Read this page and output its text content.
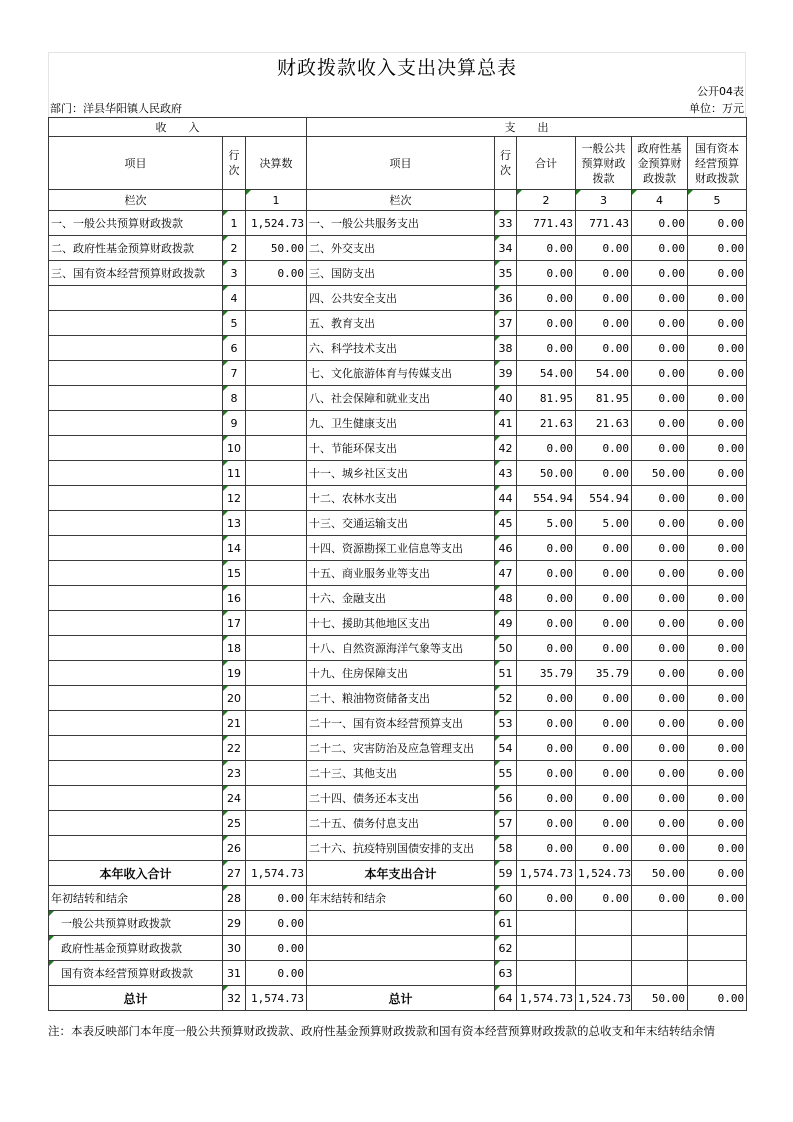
财政拨款收入支出决算总表
公开04表
部门：洋县华阳镇人民政府	单位：万元
收　　入			支　　出					
项目	行次	决算数	项目	行次	合计	一般公共预算财政拨款	政府性基金预算财政拨款	国有资本经营预算财政拨款
栏次		1	栏次		2	3	4	5
一、一般公共预算财政拨款	1	1,524.73	一、一般公共服务支出	33	771.43	771.43	0.00	0.00
二、政府性基金预算财政拨款	2	50.00	二、外交支出	34	0.00	0.00	0.00	0.00
三、国有资本经营预算财政拨款	3	0.00	三、国防支出	35	0.00	0.00	0.00	0.00
	4		四、公共安全支出	36	0.00	0.00	0.00	0.00
	5		五、教育支出	37	0.00	0.00	0.00	0.00
	6		六、科学技术支出	38	0.00	0.00	0.00	0.00
	7		七、文化旅游体育与传媒支出	39	54.00	54.00	0.00	0.00
	8		八、社会保障和就业支出	40	81.95	81.95	0.00	0.00
	9		九、卫生健康支出	41	21.63	21.63	0.00	0.00
	10		十、节能环保支出	42	0.00	0.00	0.00	0.00
	11		十一、城乡社区支出	43	50.00	0.00	50.00	0.00
	12		十二、农林水支出	44	554.94	554.94	0.00	0.00
	13		十三、交通运输支出	45	5.00	5.00	0.00	0.00
	14		十四、资源勘探工业信息等支出	46	0.00	0.00	0.00	0.00
	15		十五、商业服务业等支出	47	0.00	0.00	0.00	0.00
	16		十六、金融支出	48	0.00	0.00	0.00	0.00
	17		十七、援助其他地区支出	49	0.00	0.00	0.00	0.00
	18		十八、自然资源海洋气象等支出	50	0.00	0.00	0.00	0.00
	19		十九、住房保障支出	51	35.79	35.79	0.00	0.00
	20		二十、粮油物资储备支出	52	0.00	0.00	0.00	0.00
	21		二十一、国有资本经营预算支出	53	0.00	0.00	0.00	0.00
	22		二十二、灾害防治及应急管理支出	54	0.00	0.00	0.00	0.00
	23		二十三、其他支出	55	0.00	0.00	0.00	0.00
	24		二十四、债务还本支出	56	0.00	0.00	0.00	0.00
	25		二十五、债务付息支出	57	0.00	0.00	0.00	0.00
	26		二十六、抗疫特别国债安排的支出	58	0.00	0.00	0.00	0.00
本年收入合计	27	1,574.73	本年支出合计	59	1,574.73	1,524.73	50.00	0.00
年初结转和结余	28	0.00	年末结转和结余	60	0.00	0.00	0.00	0.00
一般公共预算财政拨款	29	0.00		61				
政府性基金预算财政拨款	30	0.00		62				
国有资本经营预算财政拨款	31	0.00		63				
总计	32	1,574.73	总计	64	1,574.73	1,524.73	50.00	0.00
注：本表反映部门本年度一般公共预算财政拨款、政府性基金预算财政拨款和国有资本经营预算财政拨款的总收支和年末结转结余情
